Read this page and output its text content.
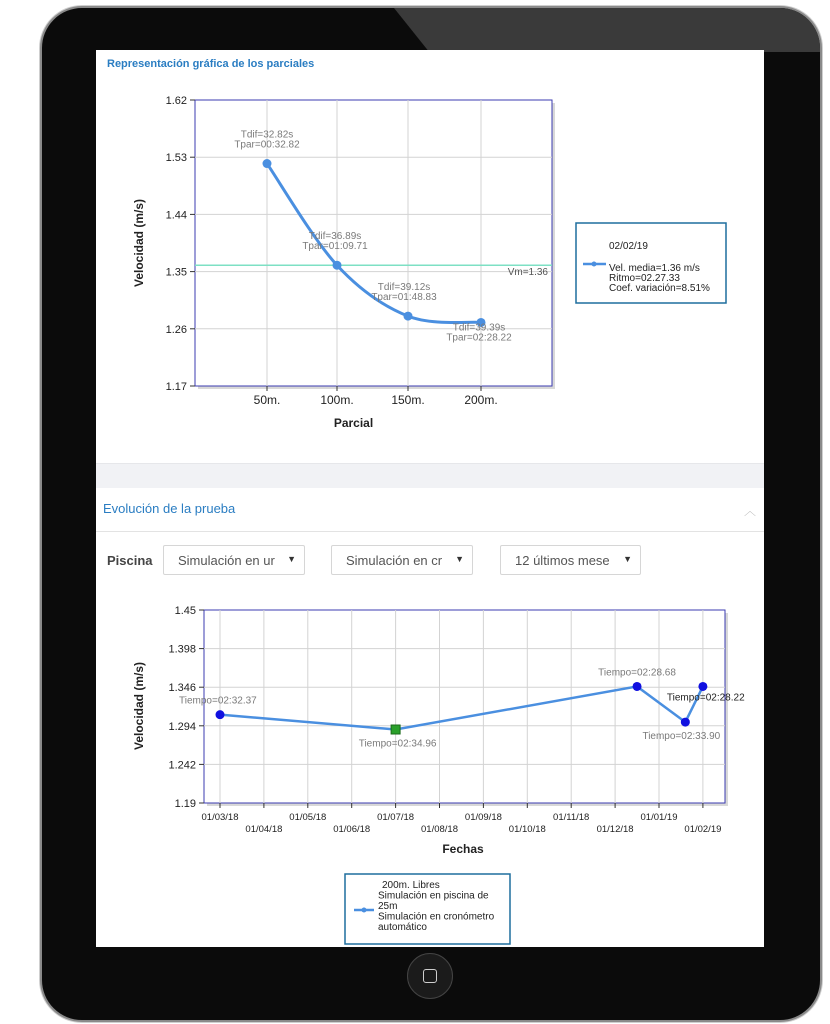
Representación gráfica de los parciales
1.62
1.53
1.44
1.35
1.26
1.17
50m.	100m.	150m.	200m.
Parcial
Velocidad (m/s)	Vm=1.36
Tdif=32.82s
Tpar=00:32.82
Tdif=36.89s
Tpar=01:09.71
Tdif=39.12s
Tpar=01:48.83
Tdif=39.39s
Tpar=02:28.22
02/02/19
Vel. media=1.36 m/s
Ritmo=02.27.33
Coef. variación=8.51%
Evolución de la prueba	︿
Piscina Simulación en ur ▼	Simulación en cr ▼	12 últimos mese ▼
1.45
1.398
1.346
1.294
1.242
1.19
01/03/18	01/05/18	01/07/18	01/09/18	01/11/18	01/01/19
01/04/18	01/06/18	01/08/18	01/10/18	01/12/18	01/02/19
Fechas
Velocidad (m/s)	Tiempo=02:32.37
Tiempo=02:34.96
Tiempo=02:28.68
Tiempo=02:33.90
Tiempo=02:28.22
200m. Libres
Simulación en piscina de
25m
Simulación en cronómetro
automático
